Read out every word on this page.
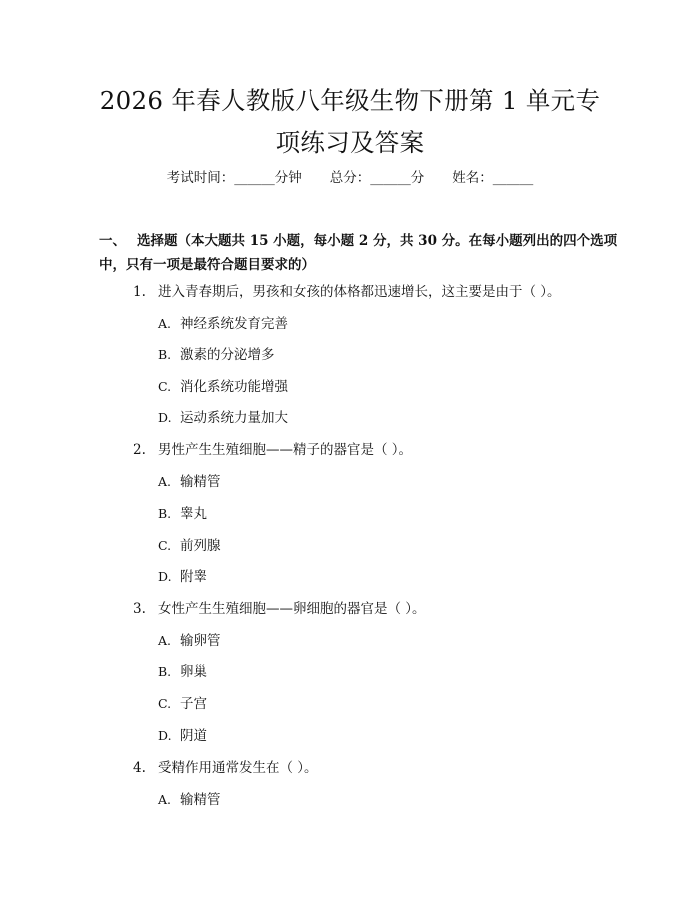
2026 年春人教版八年级生物下册第 1 单元专
项练习及答案
考试时间：______分钟 总分：______分 姓名：______

一、 选择题（本大题共 15 小题，每小题 2 分，共 30 分。在每小题列出的四个选项中，只有一项是最符合题目要求的）

1. 进入青春期后，男孩和女孩的体格都迅速增长，这主要是由于（ ）。
A. 神经系统发育完善
B. 激素的分泌增多
C. 消化系统功能增强
D. 运动系统力量加大
2. 男性产生生殖细胞——精子的器官是（ ）。
A. 输精管
B. 睾丸
C. 前列腺
D. 附睾
3. 女性产生生殖细胞——卵细胞的器官是（ ）。
A. 输卵管
B. 卵巢
C. 子宫
D. 阴道
4. 受精作用通常发生在（ ）。
A. 输精管
